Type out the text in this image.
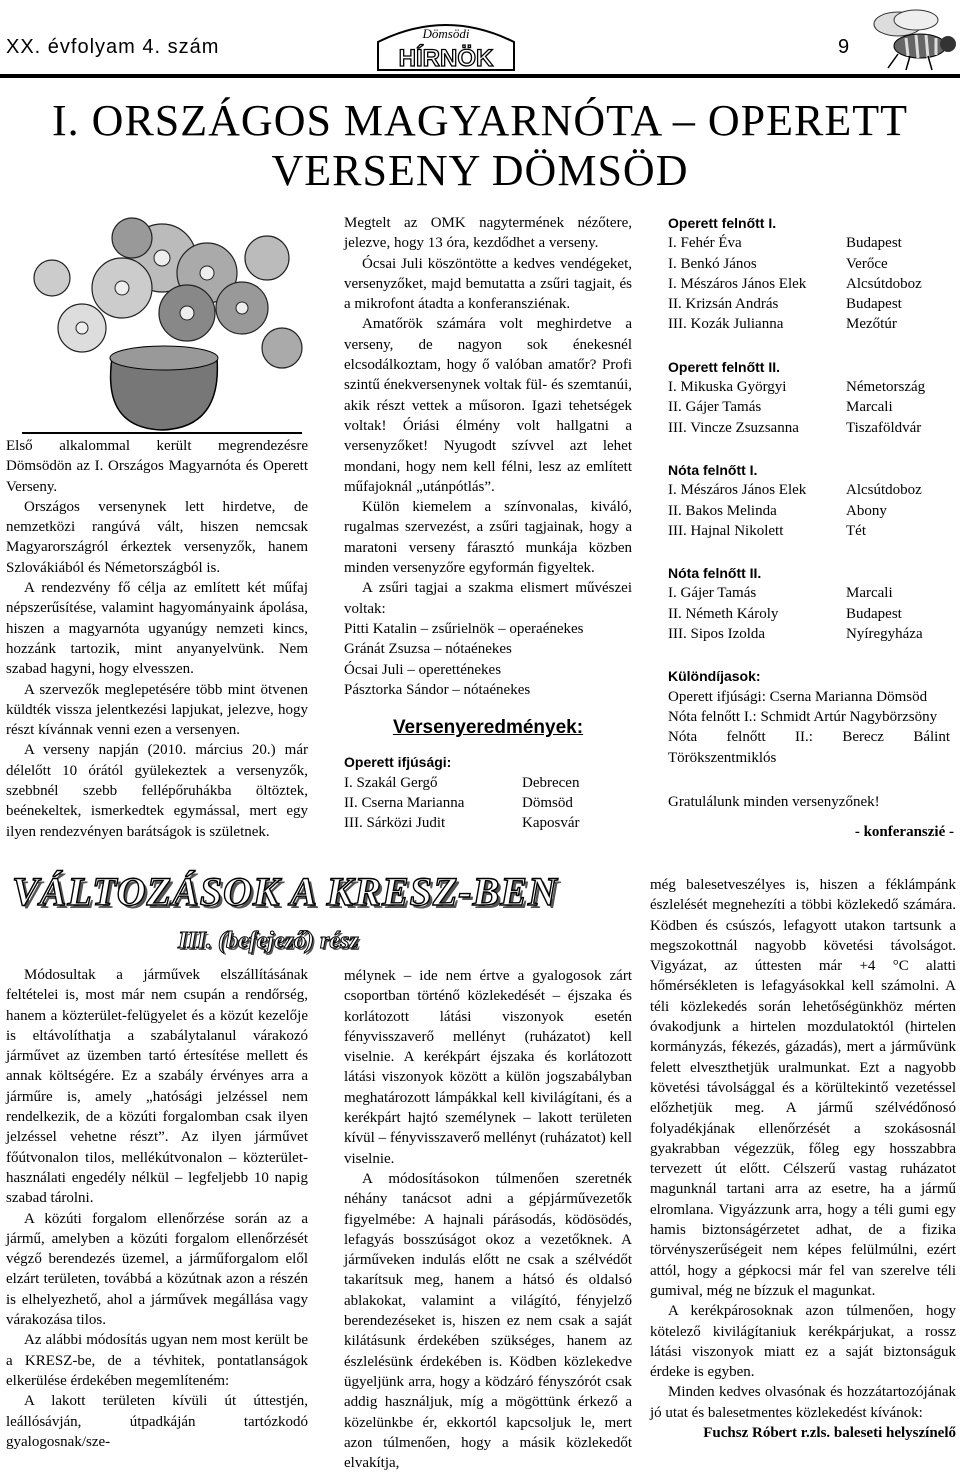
XX. évfolyam 4. szám	9
Dömsödi
HÍRNÖK
I. ORSZÁGOS MAGYARNÓTA – OPERETT
VERSENY DÖMSÖD

Első alkalommal került megrendezésre Dömsödön az I. Országos Magyarnóta és Operett Verseny.

Országos versenynek lett hirdetve, de nemzetközi rangúvá vált, hiszen nemcsak Magyarországról érkeztek versenyzők, hanem Szlovákiából és Németországból is.

A rendezvény fő célja az említett két műfaj népszerűsítése, valamint hagyományaink ápolása, hiszen a magyarnóta ugyanúgy nemzeti kincs, hozzánk tartozik, mint anyanyelvünk. Nem szabad hagyni, hogy elvesszen.

A szervezők meglepetésére több mint ötvenen küldték vissza jelentkezési lapjukat, jelezve, hogy részt kívánnak venni ezen a versenyen.

A verseny napján (2010. március 20.) már délelőtt 10 órától gyülekeztek a versenyzők, szebbnél szebb fellépőruhákba öltöztek, beénekeltek, ismerkedtek egymással, mert egy ilyen rendezvényen barátságok is születnek.

Megtelt az OMK nagytermének nézőtere, jelezve, hogy 13 óra, kezdődhet a verseny.

Ócsai Juli köszöntötte a kedves vendégeket, versenyzőket, majd bemutatta a zsűri tagjait, és a mikrofont átadta a konferansziénak.

Amatőrök számára volt meghirdetve a verseny, de nagyon sok énekesnél elcsodálkoztam, hogy ő valóban amatőr? Profi szintű énekversenynek voltak fül- és szemtanúi, akik részt vettek a műsoron. Igazi tehetségek voltak! Óriási élmény volt hallgatni a versenyzőket! Nyugodt szívvel azt lehet mondani, hogy nem kell félni, lesz az említett műfajoknál „utánpótlás”.

Külön kiemelem a színvonalas, kiváló, rugalmas szervezést, a zsűri tagjainak, hogy a maratoni verseny fárasztó munkája közben minden versenyzőre egyformán figyeltek.

A zsűri tagjai a szakma elismert művészei voltak:

Pitti Katalin – zsűrielnök – operaénekes
Gránát Zsuzsa – nótaénekes
Ócsai Juli – operetténekes
Pásztorka Sándor – nótaénekes
Versenyeredmények:
Operett ifjúsági:
I. Szakál Gergő	Debrecen
II. Cserna Marianna	Dömsöd
III. Sárközi Judit	Kaposvár
Operett felnőtt I.
I. Fehér Éva	Budapest
I. Benkó János	Verőce
I. Mészáros János Elek	Alcsútdoboz
II. Krizsán András	Budapest
III. Kozák Julianna	Mezőtúr
Operett felnőtt II.
I. Mikuska Györgyi	Németország
II. Gájer Tamás	Marcali
III. Vincze Zsuzsanna	Tiszaföldvár
Nóta felnőtt I.
I. Mészáros János Elek	Alcsútdoboz
II. Bakos Melinda	Abony
III. Hajnal Nikolett	Tét
Nóta felnőtt II.
I. Gájer Tamás	Marcali
II. Németh Károly	Budapest
III. Sipos Izolda	Nyíregyháza
Különdíjasok:
Operett ifjúsági: Cserna Marianna Dömsöd
Nóta felnőtt I.: Schmidt Artúr Nagybörzsöny
Nóta felnőtt II.: Berecz Bálint Törökszentmiklós
Gratulálunk minden versenyzőnek!
- konferanszié -
VÁLTOZÁSOK A KRESZ-BEN
III. (befejező) rész

Módosultak a járművek elszállításának feltételei is, most már nem csupán a rendőrség, hanem a közterület-felügyelet és a közút kezelője is eltávolíthatja a szabálytalanul várakozó járművet az üzemben tartó értesítése mellett és annak költségére. Ez a szabály érvényes arra a járműre is, amely „hatósági jelzéssel nem rendelkezik, de a közúti forgalomban csak ilyen jelzéssel vehetne részt”. Az ilyen járművet főútvonalon tilos, mellékútvonalon – közterület-használati engedély nélkül – legfeljebb 10 napig szabad tárolni.

A közúti forgalom ellenőrzése során az a jármű, amelyben a közúti forgalom ellenőrzését végző berendezés üzemel, a járműforgalom elől elzárt területen, továbbá a közútnak azon a részén is elhelyezhető, ahol a járművek megállása vagy várakozása tilos.

Az alábbi módosítás ugyan nem most került be a KRESZ-be, de a tévhitek, pontatlanságok elkerülése érdekében megemlíteném:

A lakott területen kívüli út úttestjén, leállósávján, útpadkáján tartózkodó gyalogosnak/sze-

mélynek – ide nem értve a gyalogosok zárt csoportban történő közlekedését – éjszaka és korlátozott látási viszonyok esetén fényvisszaverő mellényt (ruházatot) kell viselnie. A kerékpárt éjszaka és korlátozott látási viszonyok között a külön jogszabályban meghatározott lámpákkal kell kivilágítani, és a kerékpárt hajtó személynek – lakott területen kívül – fényvisszaverő mellényt (ruházatot) kell viselnie.

A módosításokon túlmenően szeretnék néhány tanácsot adni a gépjárművezetők figyelmébe: A hajnali párásodás, ködösödés, lefagyás bosszúságot okoz a vezetőknek. A járműveken indulás előtt ne csak a szélvédőt takarítsuk meg, hanem a hátsó és oldalsó ablakokat, valamint a világító, fényjelző berendezéseket is, hiszen ez nem csak a saját kilátásunk érdekében szükséges, hanem az észlelésünk érdekében is. Ködben közlekedve ügyeljünk arra, hogy a ködzáró fényszórót csak addig használjuk, míg a mögöttünk érkező a közelünkbe ér, ekkortól kapcsoljuk le, mert azon túlmenően, hogy a másik közlekedőt elvakítja,

még balesetveszélyes is, hiszen a féklámpánk észlelését megnehezíti a többi közlekedő számára. Ködben és csúszós, lefagyott utakon tartsunk a megszokottnál nagyobb követési távolságot. Vigyázat, az úttesten már +4 °C alatti hőmérsékleten is lefagyásokkal kell számolni. A téli közlekedés során lehetőségünkhöz mérten óvakodjunk a hirtelen mozdulatoktól (hirtelen kormányzás, fékezés, gázadás), mert a járművünk felett elveszthetjük uralmunkat. Ezt a nagyobb követési távolsággal és a körültekintő vezetéssel előzhetjük meg. A jármű szélvédőnosó folyadékjának ellenőrzését a szokásosnál gyakrabban végezzük, főleg egy hosszabbra tervezett út előtt. Célszerű vastag ruházatot magunknál tartani arra az esetre, ha a jármű elromlana. Vigyázzunk arra, hogy a téli gumi egy hamis biztonságérzetet adhat, de a fizika törvényszerűségeit nem képes felülmúlni, ezért attól, hogy a gépkocsi már fel van szerelve téli gumival, még ne bízzuk el magunkat.

A kerékpárosoknak azon túlmenően, hogy kötelező kivilágítaniuk kerékpárjukat, a rossz látási viszonyok miatt ez a saját biztonságuk érdeke is egyben.

Minden kedves olvasónak és hozzátartozójának jó utat és balesetmentes közlekedést kívánok:

Fuchsz Róbert r.zls. baleseti helyszínelő
